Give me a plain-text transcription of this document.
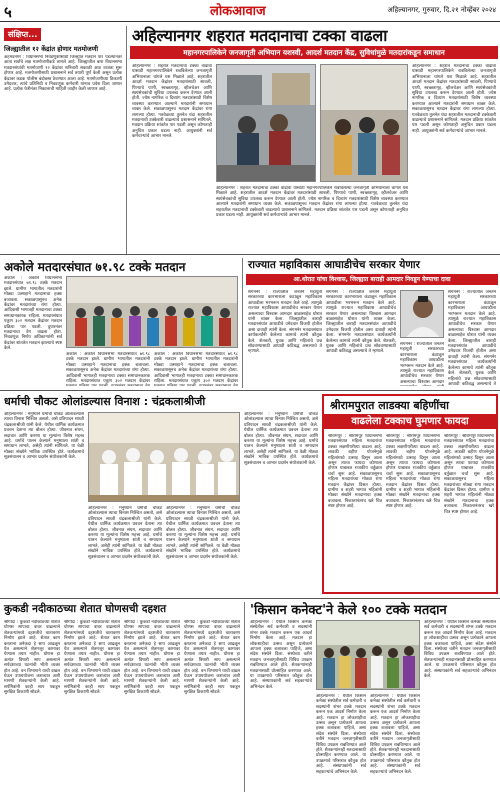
५	लोकआवाज	अहिल्यानगर, गुरुवार, दि.२१ नोव्हेंबर २०२४
संक्षिप्त...
जिल्ह्यातील १२ केंद्रांत होणार मतमोजणी
अहमदनगर : विधानसभा निवडणुकीसाठी जिल्ह्यात मतदान पार पडल्यानंतर आता सर्वांचे लक्ष मतमोजणीकडे लागले आहे. जिल्ह्यातील बारा विधानसभा मतदारसंघांची मतमोजणी १२ केंद्रांवर शनिवारी सकाळी आठ वाजता सुरू होणार आहे. मतमोजणीसाठी प्रशासनाने सर्व तयारी पूर्ण केली असून प्रत्येक केंद्रावर कडक पोलीस बंदोबस्त ठेवण्यात आला आहे. मतमोजणीच्या ठिकाणी उमेदवार, त्यांचे प्रतिनिधी व निवडणूक कर्मचारी यांनाच प्रवेश दिला जाणार आहे. प्रत्येक फेरीनंतर निकालाची माहिती जाहीर केली जाणार आहे.
अहिल्यानगर शहरात मतदानाचा टक्का वाढला
महानगरपालिकेने जनजागृती अभियान यशस्वी, आदर्श मतदान केंद्र, सुविधांमुळे मतदारांकडून समाधान
अहिल्यानगर : शहरात मतदानाचा टक्का वाढावा यासाठी महानगरपालिकेने राबविलेल्या जनजागृती अभियानाला चांगले यश मिळाले आहे. शहरातील आदर्श मतदान केंद्रांवर मतदारांसाठी सावली, पिण्याचे पाणी, स्वच्छतागृह, व्हीलचेअर आणि स्वयंसेवकांची सुविधा उपलब्ध करून देण्यात आली होती. ज्येष्ठ नागरिक व दिव्यांग मतदारांसाठी विशेष व्यवस्था करण्यात आल्याने मतदारांनी समाधान व्यक्त केले. सकाळपासूनच मतदान केंद्रांवर रांगा लागल्या होत्या. गतवेळच्या तुलनेत यंदा शहरातील मतदानाची टक्केवारी वाढल्याचे प्रशासनाने सांगितले. मतदान प्रक्रिया शांततेत पार पडली असून कोणताही अनुचित प्रकार घडला नाही. आयुक्तांनी सर्व कर्मचाऱ्यांचे आभार मानले.
अहिल्यानगर : शहरात मतदानाचा टक्का वाढावा यासाठी महानगरपालिकेने राबविलेल्या जनजागृती अभियानाला चांगले यश मिळाले आहे. शहरातील आदर्श मतदान केंद्रांवर मतदारांसाठी सावली, पिण्याचे पाणी, स्वच्छतागृह, व्हीलचेअर आणि स्वयंसेवकांची सुविधा उपलब्ध करून देण्यात आली होती. ज्येष्ठ नागरिक व दिव्यांग मतदारांसाठी विशेष व्यवस्था करण्यात आल्याने मतदारांनी समाधान व्यक्त केले. सकाळपासूनच मतदान केंद्रांवर रांगा लागल्या होत्या. गतवेळच्या तुलनेत यंदा शहरातील मतदानाची टक्केवारी वाढल्याचे प्रशासनाने सांगितले. मतदान प्रक्रिया शांततेत पार पडली असून कोणताही अनुचित प्रकार घडला नाही. आयुक्तांनी सर्व कर्मचाऱ्यांचे आभार मानले.
अहिल्यानगर : शहरात मतदानाचा टक्का वाढावा यासाठी महानगरपालिकेने राबविलेल्या जनजागृती अभियानाला चांगले यश मिळाले आहे. शहरातील आदर्श मतदान केंद्रांवर मतदारांसाठी सावली, पिण्याचे पाणी, स्वच्छतागृह, व्हीलचेअर आणि स्वयंसेवकांची सुविधा उपलब्ध करून देण्यात आली होती. ज्येष्ठ नागरिक व दिव्यांग मतदारांसाठी विशेष व्यवस्था करण्यात आल्याने मतदारांनी समाधान व्यक्त केले. सकाळपासूनच मतदान केंद्रांवर रांगा लागल्या होत्या. गतवेळच्या तुलनेत यंदा शहरातील मतदानाची टक्केवारी वाढल्याचे प्रशासनाने सांगितले. मतदान प्रक्रिया शांततेत पार पडली असून कोणताही अनुचित प्रकार घडला नाही. आयुक्तांनी सर्व कर्मचाऱ्यांचे आभार मानले.
अकोले मतदारसंघात ७१.९८ टक्के मतदान
अकोले : अकोले विधानसभा मतदारसंघात ७१.९८ टक्के मतदान झाले. ग्रामीण भागातील मतदारांनी मोठ्या उत्साहाने मतदानाचा हक्क बजावला. सकाळपासूनच अनेक केंद्रांवर मतदारांच्या रांगा होत्या. आदिवासी भागातही मतदानाचा टक्का समाधानकारक राहिला. मतदारसंघात एकूण ३०२ मतदान केंद्रांवर मतदान प्रक्रिया पार पडली. दुपारनंतर मतदानाचा वेग वाढला होता. निवडणूक निर्णय अधिकाऱ्यांनी सर्व केंद्रांवर शांततेत मतदान झाल्याचे स्पष्ट केले.
अकोले : अकोले विधानसभा मतदारसंघात ७१.९८ टक्के मतदान झाले. ग्रामीण भागातील मतदारांनी मोठ्या उत्साहाने मतदानाचा हक्क बजावला. सकाळपासूनच अनेक केंद्रांवर मतदारांच्या रांगा होत्या. आदिवासी भागातही मतदानाचा टक्का समाधानकारक राहिला. मतदारसंघात एकूण ३०२ मतदान केंद्रांवर
अकोले : अकोले विधानसभा मतदारसंघात ७१.९८ टक्के मतदान झाले. ग्रामीण भागातील मतदारांनी मोठ्या उत्साहाने मतदानाचा हक्क बजावला. सकाळपासूनच अनेक केंद्रांवर मतदारांच्या रांगा होत्या. आदिवासी भागातही मतदानाचा टक्का समाधानकारक राहिला. मतदारसंघात एकूण ३०२ मतदान केंद्रांवर
राज्यात महाविकास आघाडीचेच सरकार येणार
आ.थोरात यांचा विश्वास, जिल्ह्यात बाराही आमदार निवडून येण्याचा दावा
संगमनेर : राज्यातील जनतेने महायुती सरकारच्या कारभाराला कंटाळून महाविकास आघाडीला भरभरून मतदान केले आहे. त्यामुळे राज्यात महाविकास आघाडीचेच सरकार येणार असल्याचा विश्वास आमदार बाळासाहेब थोरात यांनी व्यक्त केला. जिल्ह्यातील बाराही मतदारसंघांत आघाडीचे उमेदवार विजयी होतील असा दावाही त्यांनी केला. संगमनेर मतदारसंघात कार्यकर्त्यांनी केलेल्या कामाचे त्यांनी कौतुक केले. शेतकरी, युवक आणि महिलांचे प्रश्न सोडवण्यासाठी आघाडी कटिबद्ध असल्याचे ते म्हणाले.
संगमनेर : राज्यातील जनतेने महायुती सरकारच्या कारभाराला कंटाळून महाविकास आघाडीला भरभरून मतदान केले आहे. त्यामुळे राज्यात महाविकास आघाडीचेच सरकार येणार असल्याचा विश्वास आमदार बाळासाहेब थोरात यांनी व्यक्त केला. जिल्ह्यातील बाराही मतदारसंघांत आघाडीचे उमेदवार विजयी होतील असा दावाही त्यांनी केला. संगमनेर मतदारसंघात कार्यकर्त्यांनी केलेल्या कामाचे त्यांनी कौतुक केले. शेतकरी, युवक आणि महिलांचे प्रश्न सोडवण्यासाठी आघाडी कटिबद्ध असल्याचे ते म्हणाले.
संगमनेर : राज्यातील जनतेने महायुती सरकारच्या कारभाराला कंटाळून महाविकास आघाडीला भरभरून मतदान केले आहे. त्यामुळे राज्यात महाविकास आघाडीचेच सरकार येणार असल्याचा विश्वास आमदार बाळासाहेब थोरात यांनी व्यक्त केला. जिल्ह्यातील बाराही मतदारसंघांत आघाडीचे उमेदवार विजयी होतील असा दावाही त्यांनी केला. संगमनेर मतदारसंघात कार्यकर्त्यांनी केलेल्या कामाचे त्यांनी कौतुक केले. शेतकरी, युवक आणि महिलांचे प्रश्न सोडवण्यासाठी आघाडी कटिबद्ध असल्याचे ते
संगमनेर : राज्यातील जनतेने महायुती सरकारच्या कारभाराला कंटाळून महाविकास आघाडीला भरभरून मतदान केले आहे. त्यामुळे राज्यात महाविकास आघाडीचेच सरकार येणार असल्याचा विश्वास आमदार
धर्माची चौकट ओलांडल्यास विनाश : चंद्रकलाश्रीजी
अहिल्यानगर : मनुष्याने धर्माची चौकट ओलांडल्यास त्याचा विनाश निश्चित असतो, असे प्रतिपादन साध्वी चंद्रकलाश्रीजी यांनी केले. येथील धार्मिक कार्यक्रमात प्रवचन देताना त्या बोलत होत्या. जीवनात संयम, सदाचार आणि करुणा या मूल्यांना विशेष महत्त्व आहे. धर्माचे पालन केल्याने मनुष्याला शांती व समाधान लाभते, असेही त्यांनी सांगितले. या वेळी मोठ्या संख्येने भाविक उपस्थित होते. कार्यक्रमाचे सूत्रसंचालन व आभार प्रदर्शन संयोजकांनी केले.
अहिल्यानगर : मनुष्याने धर्माची चौकट ओलांडल्यास त्याचा विनाश निश्चित असतो, असे प्रतिपादन साध्वी चंद्रकलाश्रीजी यांनी केले. येथील धार्मिक कार्यक्रमात प्रवचन देताना त्या बोलत होत्या. जीवनात संयम, सदाचार आणि करुणा या मूल्यांना विशेष महत्त्व आहे. धर्माचे पालन केल्याने मनुष्याला शांती व समाधान लाभते, असेही त्यांनी सांगितले. या वेळी मोठ्या संख्येने भाविक उपस्थित होते. कार्यक्रमाचे सूत्रसंचालन व आभार प्रदर्शन संयोजकांनी केले.
अहिल्यानगर : मनुष्याने धर्माची चौकट ओलांडल्यास त्याचा विनाश निश्चित असतो, असे प्रतिपादन साध्वी चंद्रकलाश्रीजी यांनी केले. येथील धार्मिक कार्यक्रमात प्रवचन देताना त्या बोलत होत्या. जीवनात संयम, सदाचार आणि करुणा या मूल्यांना विशेष महत्त्व आहे. धर्माचे पालन केल्याने मनुष्याला शांती व समाधान लाभते, असेही त्यांनी सांगितले. या वेळी मोठ्या संख्येने भाविक उपस्थित होते. कार्यक्रमाचे सूत्रसंचालन व आभार प्रदर्शन संयोजकांनी केले.
अहिल्यानगर : मनुष्याने धर्माची चौकट ओलांडल्यास त्याचा विनाश निश्चित असतो, असे प्रतिपादन साध्वी चंद्रकलाश्रीजी यांनी केले. येथील धार्मिक कार्यक्रमात प्रवचन देताना त्या बोलत होत्या. जीवनात संयम, सदाचार आणि करुणा या मूल्यांना विशेष महत्त्व आहे. धर्माचे पालन केल्याने मनुष्याला शांती व समाधान लाभते, असेही त्यांनी सांगितले. या वेळी मोठ्या संख्येने भाविक उपस्थित होते. कार्यक्रमाचे सूत्रसंचालन व आभार प्रदर्शन संयोजकांनी केले.
श्रीरामपुरात लाडक्या बहिणींचा
वाढलेला टक्काच घुमणार फायदा
श्रीरामपूर : श्रीरामपूर विधानसभा मतदारसंघात महिला मतदारांचा टक्का लक्षणीयरीत्या वाढला आहे. लाडकी बहीण योजनेमुळे महिलांमध्ये उत्साह दिसून आला असून त्याचा फायदा कोणाला होणार याबाबत राजकीय वर्तुळात चर्चा सुरू आहे. सकाळपासूनच महिला मतदारांच्या मोठ्या रांगा मतदान केंद्रांवर दिसत होत्या. ग्रामीण व शहरी भागात महिलांनी मोठ्या संख्येने मतदानाचा हक्क बजावला. निकालानंतरच खरे चित्र स्पष्ट होणार आहे.
श्रीरामपूर : श्रीरामपूर विधानसभा मतदारसंघात महिला मतदारांचा टक्का लक्षणीयरीत्या वाढला आहे. लाडकी बहीण योजनेमुळे महिलांमध्ये उत्साह दिसून आला असून त्याचा फायदा कोणाला होणार याबाबत राजकीय वर्तुळात चर्चा सुरू आहे. सकाळपासूनच महिला मतदारांच्या मोठ्या रांगा मतदान केंद्रांवर दिसत होत्या. ग्रामीण व शहरी भागात महिलांनी मोठ्या संख्येने मतदानाचा हक्क बजावला. निकालानंतरच खरे चित्र स्पष्ट होणार आहे.
श्रीरामपूर : श्रीरामपूर विधानसभा मतदारसंघात महिला मतदारांचा टक्का लक्षणीयरीत्या वाढला आहे. लाडकी बहीण योजनेमुळे महिलांमध्ये उत्साह दिसून आला असून त्याचा फायदा कोणाला होणार याबाबत राजकीय वर्तुळात चर्चा सुरू आहे. सकाळपासूनच महिला मतदारांच्या मोठ्या रांगा मतदान केंद्रांवर दिसत होत्या. ग्रामीण व शहरी भागात महिलांनी मोठ्या संख्येने मतदानाचा हक्क बजावला. निकालानंतरच खरे चित्र स्पष्ट होणार आहे.
कुकडी नदीकाठच्या शेतात घोणसची दहशत
श्रीगोंदा : कुकडी नदीकाठच्या शेतात घोणस सापाचा वावर वाढल्याने शेतकऱ्यांमध्ये दहशतीचे वातावरण निर्माण झाले आहे. शेतात काम करताना अनेकदा हे साप आढळून येत असल्याने शेतमजूर कामावर येण्यास तयार नाहीत. घोणस हा अत्यंत विषारी साप असल्याने सर्पदंशाच्या घटनांची भीती व्यक्त होत आहे. वन विभागाने याची दखल घेऊन उपाययोजना कराव्यात अशी मागणी शेतकऱ्यांनी केली आहे. सर्पमित्रांनी काही साप पकडून सुरक्षित ठिकाणी सोडले.
श्रीगोंदा : कुकडी नदीकाठच्या शेतात घोणस सापाचा वावर वाढल्याने शेतकऱ्यांमध्ये दहशतीचे वातावरण निर्माण झाले आहे. शेतात काम करताना अनेकदा हे साप आढळून येत असल्याने शेतमजूर कामावर येण्यास तयार नाहीत. घोणस हा अत्यंत विषारी साप असल्याने सर्पदंशाच्या घटनांची भीती व्यक्त होत आहे. वन विभागाने याची दखल घेऊन उपाययोजना कराव्यात अशी मागणी शेतकऱ्यांनी केली आहे. सर्पमित्रांनी काही साप पकडून सुरक्षित ठिकाणी सोडले.
श्रीगोंदा : कुकडी नदीकाठच्या शेतात घोणस सापाचा वावर वाढल्याने शेतकऱ्यांमध्ये दहशतीचे वातावरण निर्माण झाले आहे. शेतात काम करताना अनेकदा हे साप आढळून येत असल्याने शेतमजूर कामावर येण्यास तयार नाहीत. घोणस हा अत्यंत विषारी साप असल्याने सर्पदंशाच्या घटनांची भीती व्यक्त होत आहे. वन विभागाने याची दखल घेऊन उपाययोजना कराव्यात अशी मागणी शेतकऱ्यांनी केली आहे. सर्पमित्रांनी काही साप पकडून सुरक्षित ठिकाणी सोडले.
श्रीगोंदा : कुकडी नदीकाठच्या शेतात घोणस सापाचा वावर वाढल्याने शेतकऱ्यांमध्ये दहशतीचे वातावरण निर्माण झाले आहे. शेतात काम करताना अनेकदा हे साप आढळून येत असल्याने शेतमजूर कामावर येण्यास तयार नाहीत. घोणस हा अत्यंत विषारी साप असल्याने सर्पदंशाच्या घटनांची भीती व्यक्त होत आहे. वन विभागाने याची दखल घेऊन उपाययोजना कराव्यात अशी मागणी शेतकऱ्यांनी केली आहे. सर्पमित्रांनी काही साप पकडून सुरक्षित ठिकाणी सोडले.
'किसान कनेक्ट'ने केले १०० टक्के मतदान
अहिल्यानगर : येथील किसान कनेक्ट संस्थेतील सर्व कर्मचारी व सदस्यांनी शंभर टक्के मतदान करून एक आदर्श निर्माण केला आहे. मतदान हा लोकशाहीचा उत्सव असून प्रत्येकाने आपला हक्क बजावला पाहिजे, असा संदेश संस्थेने दिला. संस्थेच्या वतीने मतदान जनजागृतीसाठी विविध उपक्रम राबविण्यात आले होते. शेतकऱ्यांनाही मतदानासाठी प्रोत्साहित करण्यात आले. या उपक्रमाचे परिसरात कौतुक होत आहे. संस्थापकांनी सर्व सहकाऱ्यांचे अभिनंदन केले.
अहिल्यानगर : येथील किसान कनेक्ट संस्थेतील सर्व कर्मचारी व सदस्यांनी शंभर टक्के मतदान करून एक आदर्श निर्माण केला आहे. मतदान हा लोकशाहीचा उत्सव असून प्रत्येकाने आपला हक्क बजावला पाहिजे, असा संदेश संस्थेने दिला. संस्थेच्या वतीने मतदान जनजागृतीसाठी विविध उपक्रम राबविण्यात आले होते. शेतकऱ्यांनाही मतदानासाठी प्रोत्साहित करण्यात आले. या उपक्रमाचे परिसरात कौतुक होत आहे. संस्थापकांनी सर्व सहकाऱ्यांचे अभिनंदन केले.
अहिल्यानगर : येथील किसान कनेक्ट संस्थेतील सर्व कर्मचारी व सदस्यांनी शंभर टक्के मतदान करून एक आदर्श निर्माण केला आहे. मतदान हा लोकशाहीचा उत्सव असून प्रत्येकाने आपला हक्क बजावला पाहिजे, असा संदेश संस्थेने दिला. संस्थेच्या वतीने मतदान जनजागृतीसाठी विविध उपक्रम राबविण्यात आले होते. शेतकऱ्यांनाही मतदानासाठी प्रोत्साहित करण्यात आले. या उपक्रमाचे परिसरात कौतुक होत आहे. संस्थापकांनी सर्व सहकाऱ्यांचे अभिनंदन केले.
अहिल्यानगर : येथील किसान कनेक्ट संस्थेतील सर्व कर्मचारी व सदस्यांनी शंभर टक्के मतदान करून एक आदर्श निर्माण केला आहे. मतदान हा लोकशाहीचा उत्सव असून प्रत्येकाने आपला हक्क बजावला पाहिजे, असा संदेश संस्थेने दिला. संस्थेच्या वतीने मतदान जनजागृतीसाठी विविध उपक्रम राबविण्यात आले होते. शेतकऱ्यांनाही मतदानासाठी प्रोत्साहित करण्यात आले. या उपक्रमाचे परिसरात कौतुक होत आहे. संस्थापकांनी सर्व सहकाऱ्यांचे अभिनंदन केले.
